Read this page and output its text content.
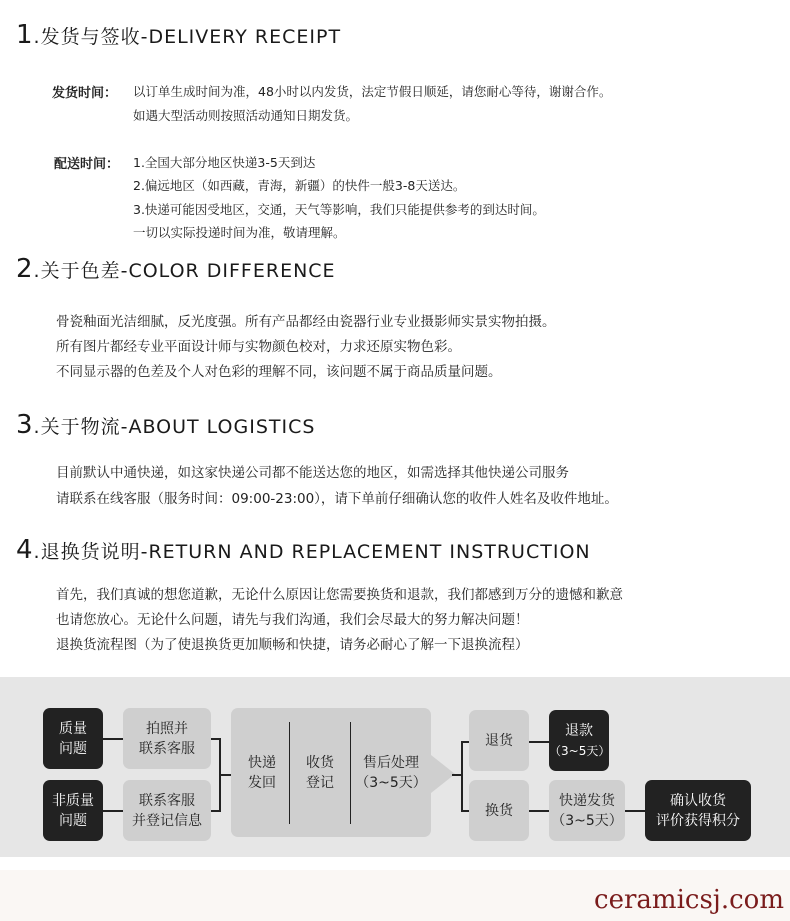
1.发货与签收-DELIVERY RECEIPT
发货时间： 以订单生成时间为准，48小时以内发货，法定节假日顺延，请您耐心等待，谢谢合作。
如遇大型活动则按照活动通知日期发货。
配送时间： 1.全国大部分地区快递3-5天到达
2.偏远地区（如西藏，青海，新疆）的快件一般3-8天送达。
3.快递可能因受地区，交通，天气等影响，我们只能提供参考的到达时间。
一切以实际投递时间为准，敬请理解。
2.关于色差-COLOR DIFFERENCE
骨瓷釉面光洁细腻，反光度强。所有产品都经由瓷器行业专业摄影师实景实物拍摄。
所有图片都经专业平面设计师与实物颜色校对，力求还原实物色彩。
不同显示器的色差及个人对色彩的理解不同，该问题不属于商品质量问题。
3.关于物流-ABOUT LOGISTICS
目前默认中通快递，如这家快递公司都不能送达您的地区，如需选择其他快递公司服务
请联系在线客服（服务时间：09:00-23:00），请下单前仔细确认您的收件人姓名及收件地址。
4.退换货说明-RETURN AND REPLACEMENT INSTRUCTION
首先，我们真诚的想您道歉，无论什么原因让您需要换货和退款，我们都感到万分的遗憾和歉意
也请您放心。无论什么问题，请先与我们沟通，我们会尽最大的努力解决问题！
退换货流程图（为了使退换货更加顺畅和快捷，请务必耐心了解一下退换流程）
质量
问题
拍照并
联系客服
非质量
问题
联系客服
并登记信息
快递
发回
收货
登记
售后处理
（3~5天）
退货
退款
（3~5天）
换货
快递发货
（3~5天）
确认收货
评价获得积分
ceramicsj.com
